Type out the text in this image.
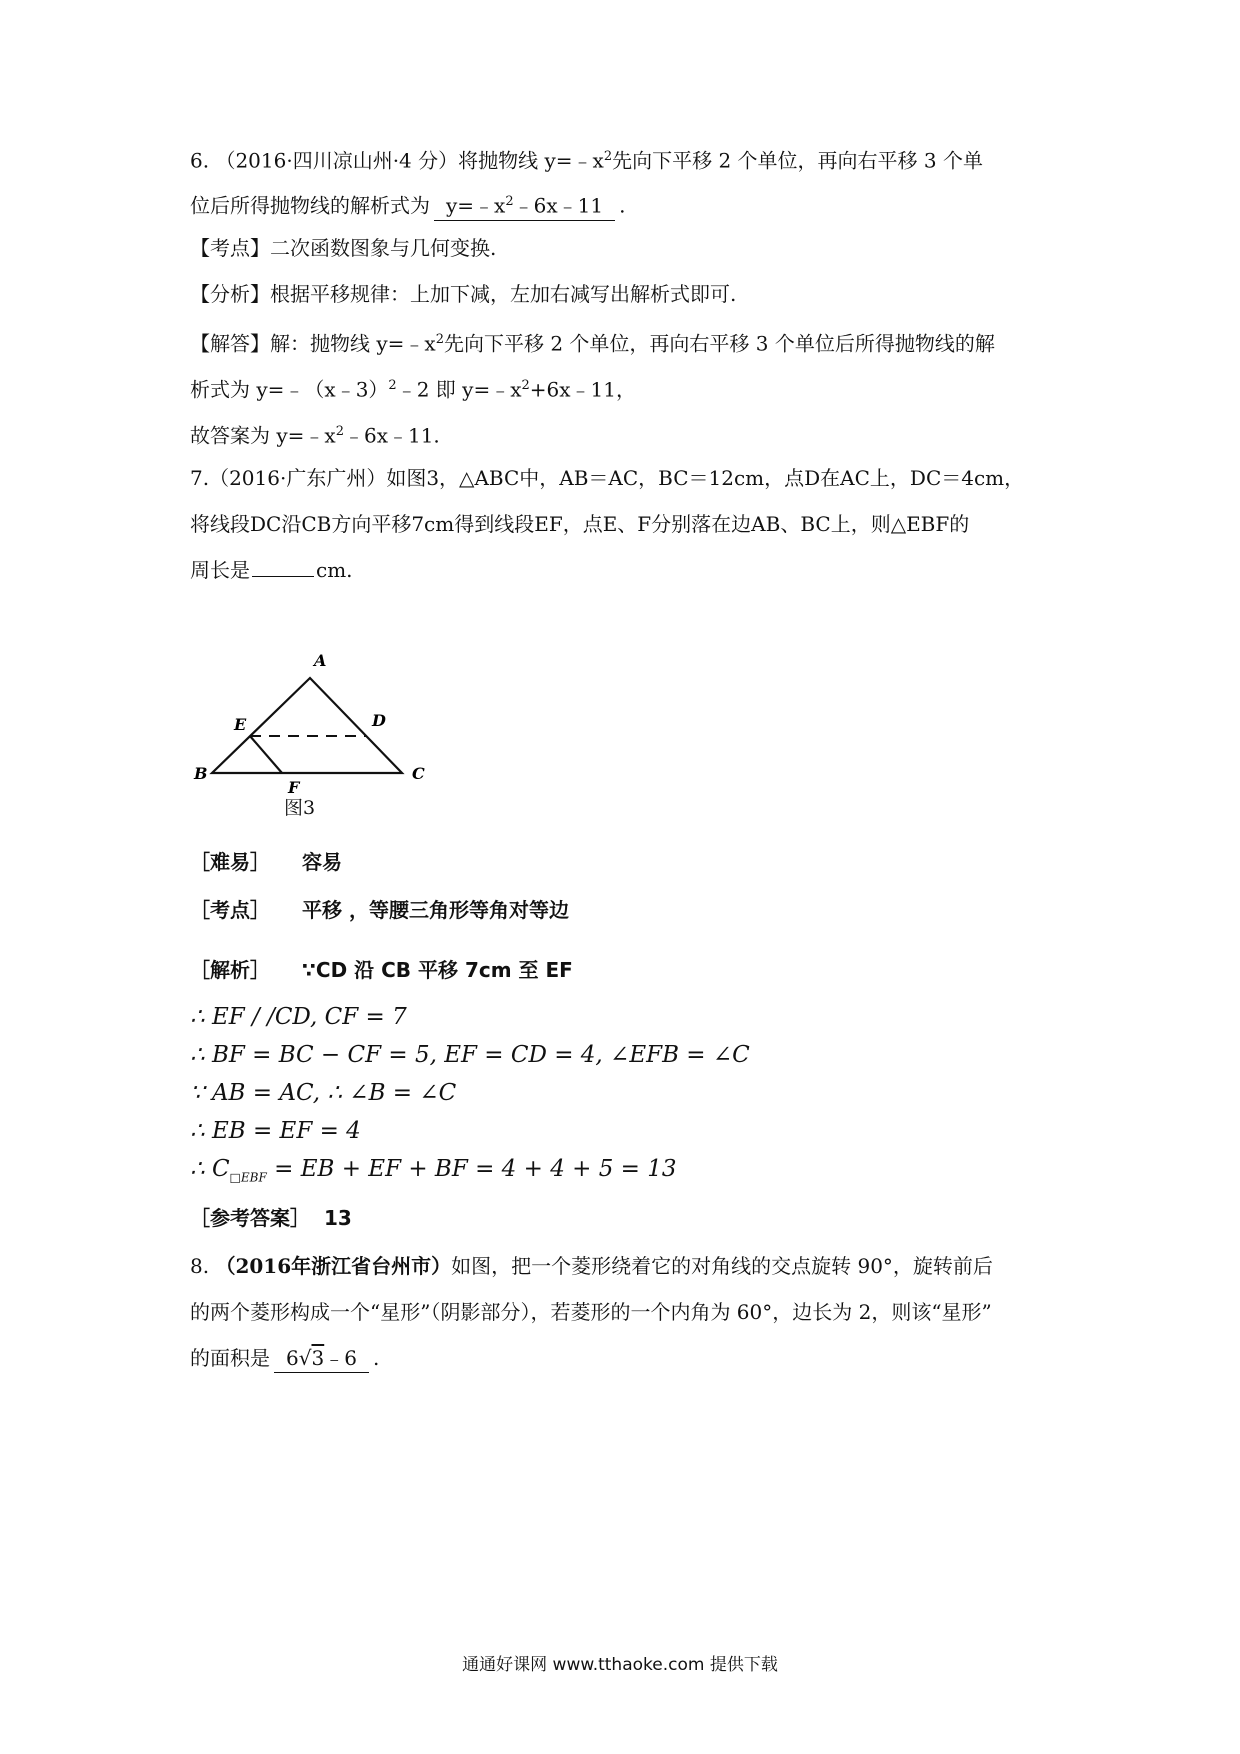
6. （2016·四川凉山州·4 分）将抛物线 $y=﹣x^2$先向下平移 2 个单位，再向右平移 3 个单
位后所得抛物线的解析式为 $y=﹣x^2﹣6x﹣11$ .
【考点】二次函数图象与几何变换.
【分析】根据平移规律：上加下减，左加右减写出解析式即可.
【解答】解：抛物线 $y=﹣x^2$先向下平移 2 个单位，再向右平移 3 个单位后所得抛物线的解
析式为 y=﹣（x﹣3）$^2$﹣2 即 $y=﹣x^2+6x﹣11$，
故答案为 $y=﹣x^2﹣6x﹣11$.
7.（2016·广东广州）如图3，△ABC中，AB＝AC，BC＝12cm，点D在AC上，DC＝4cm，
将线段DC沿CB方向平移7cm得到线段EF，点E、F分别落在边AB、BC上，则△EBF的
周长是	cm.
A
E	D
B	C
F
图3
［难易］ 容易
［考点］ 平移 ，等腰三角形等角对等边
［解析］ ∵CD 沿 CB 平移 7cm 至 EF
∴ EF / /CD, CF = 7
∴ BF = BC − CF = 5, EF = CD = 4, ∠EFB = ∠C
∵ AB = AC, ∴ ∠B = ∠C
∴ EB = EF = 4
∴ $C_{□EBF}$ = EB + EF + BF = 4 + 4 + 5 = 13
［参考答案］ 13
8. （2016年浙江省台州市）如图，把一个菱形绕着它的对角线的交点旋转 90°，旋转前后
的两个菱形构成一个“星形”（阴影部分），若菱形的一个内角为 60°，边长为 2，则该“星形”
的面积是 6√3﹣6 .
通通好课网 www.tthaoke.com 提供下载
